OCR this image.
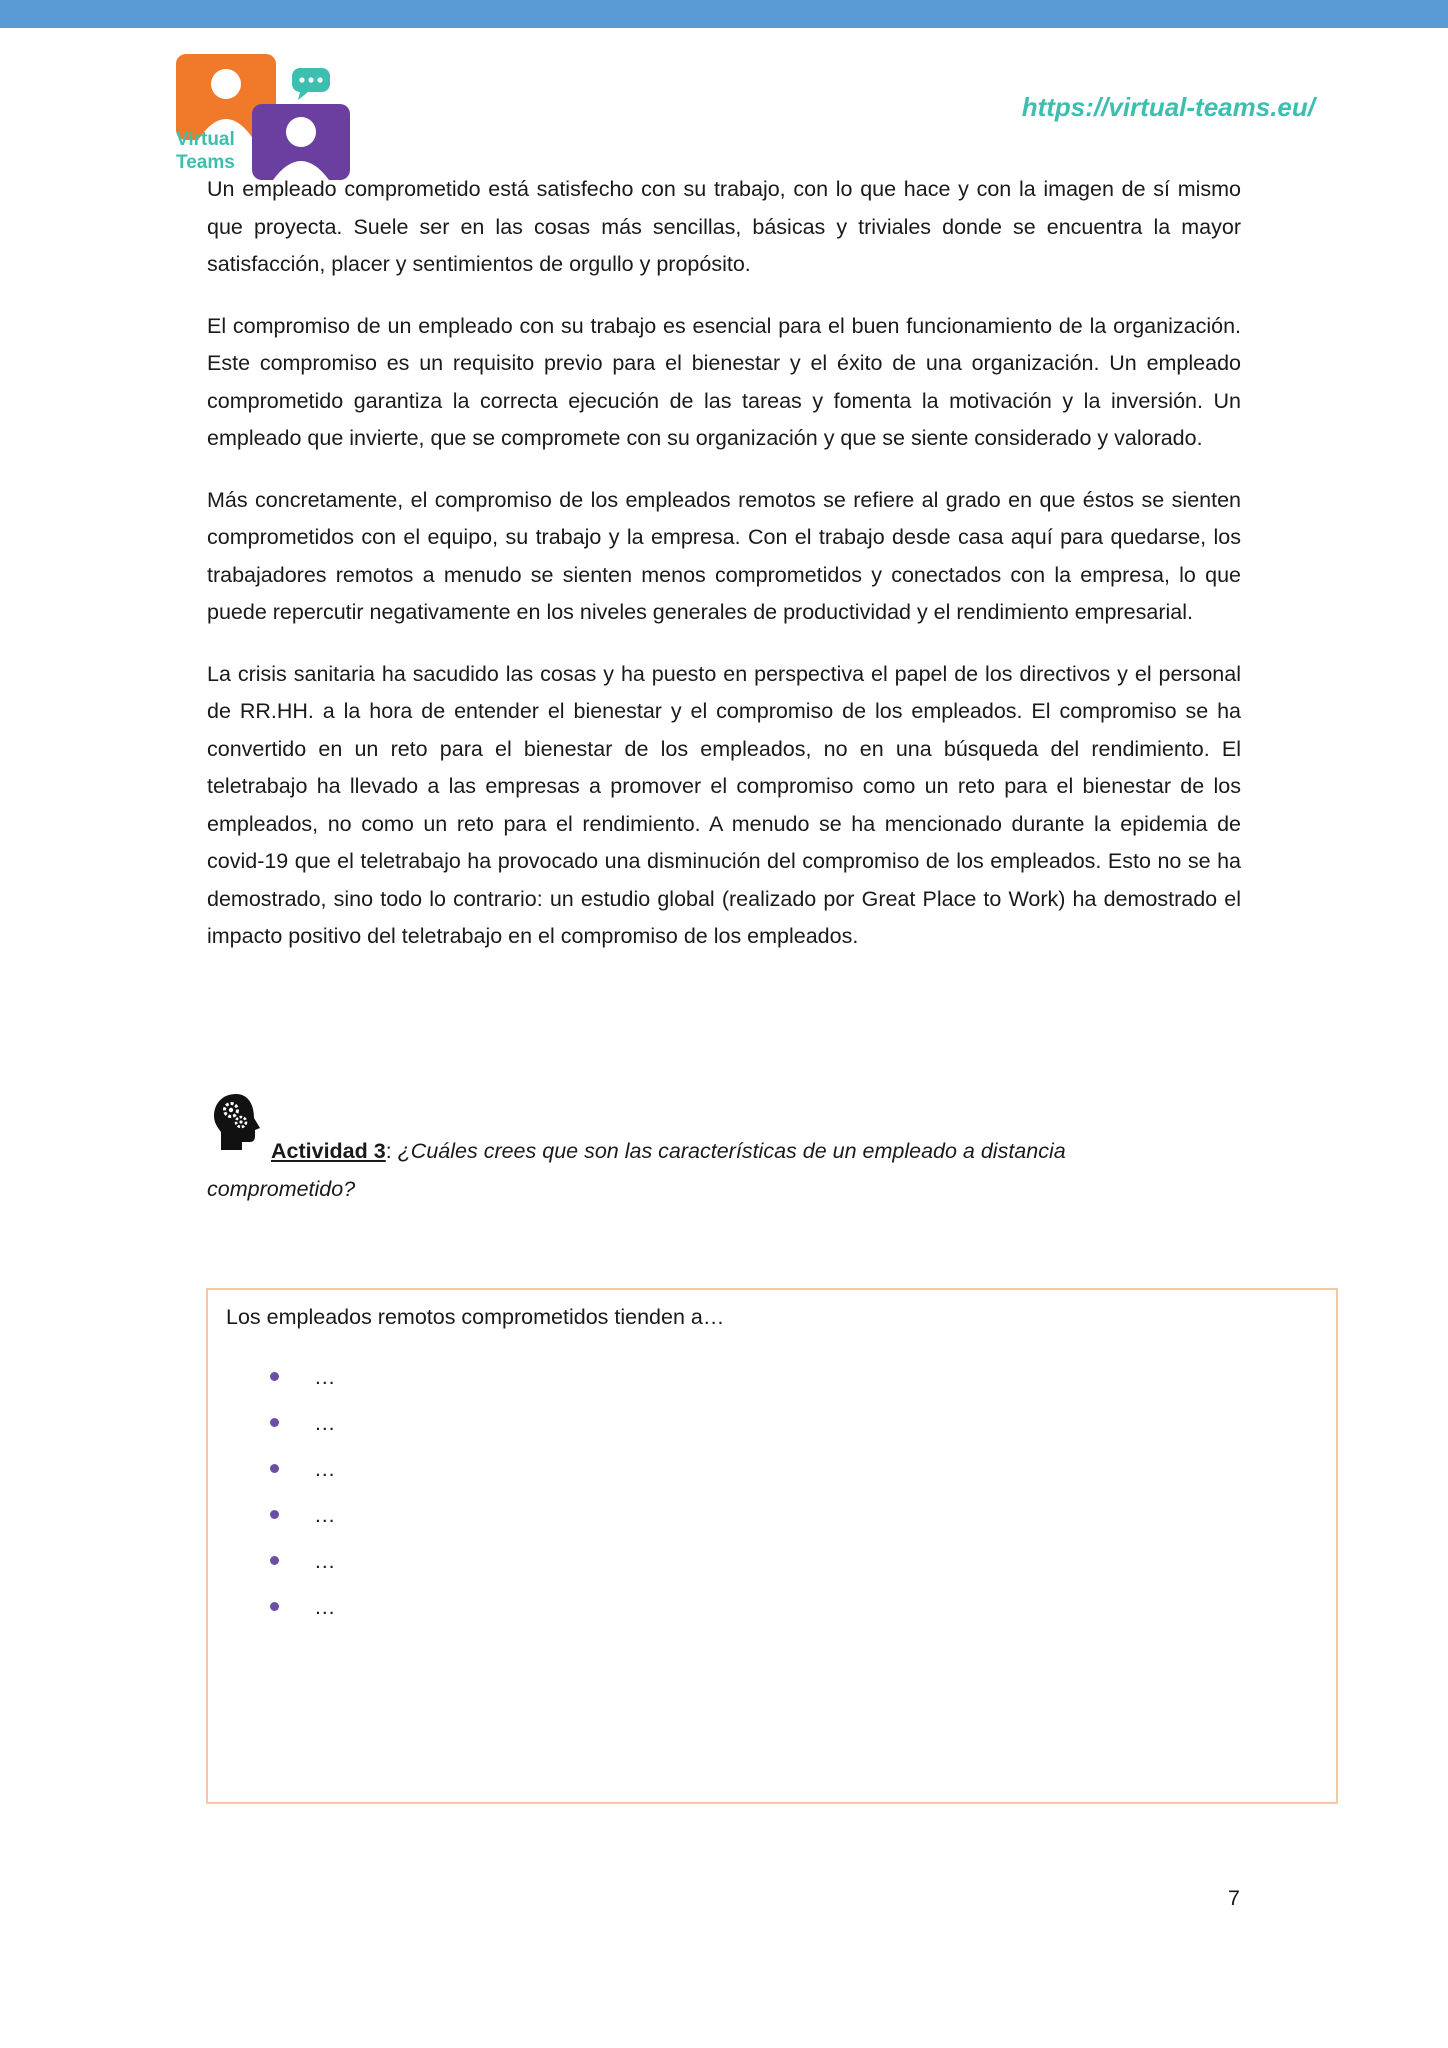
Virtual
Teams
https://virtual-teams.eu/

Un empleado comprometido está satisfecho con su trabajo, con lo que hace y con la imagen de sí mismo que proyecta. Suele ser en las cosas más sencillas, básicas y triviales donde se encuentra la mayor satisfacción, placer y sentimientos de orgullo y propósito.

El compromiso de un empleado con su trabajo es esencial para el buen funcionamiento de la organización. Este compromiso es un requisito previo para el bienestar y el éxito de una organización. Un empleado comprometido garantiza la correcta ejecución de las tareas y fomenta la motivación y la inversión. Un empleado que invierte, que se compromete con su organización y que se siente considerado y valorado.

Más concretamente, el compromiso de los empleados remotos se refiere al grado en que éstos se sienten comprometidos con el equipo, su trabajo y la empresa. Con el trabajo desde casa aquí para quedarse, los trabajadores remotos a menudo se sienten menos comprometidos y conectados con la empresa, lo que puede repercutir negativamente en los niveles generales de productividad y el rendimiento empresarial.

La crisis sanitaria ha sacudido las cosas y ha puesto en perspectiva el papel de los directivos y el personal de RR.HH. a la hora de entender el bienestar y el compromiso de los empleados. El compromiso se ha convertido en un reto para el bienestar de los empleados, no en una búsqueda del rendimiento. El teletrabajo ha llevado a las empresas a promover el compromiso como un reto para el bienestar de los empleados, no como un reto para el rendimiento. A menudo se ha mencionado durante la epidemia de covid-19 que el teletrabajo ha provocado una disminución del compromiso de los empleados. Esto no se ha demostrado, sino todo lo contrario: un estudio global (realizado por Great Place to Work) ha demostrado el impacto positivo del teletrabajo en el compromiso de los empleados.

Actividad 3: ¿Cuáles crees que son las características de un empleado a distancia
comprometido?
Los empleados remotos comprometidos tienden a…
…
…
…
…
…
…
7
